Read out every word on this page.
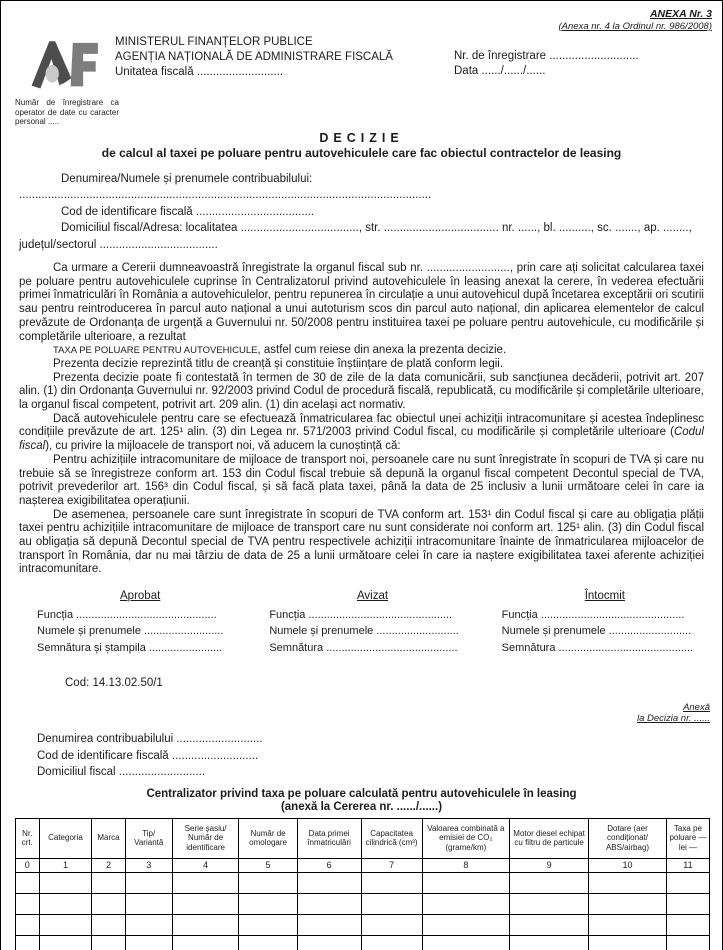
ANEXA Nr. 3
(Anexa nr. 4 la Ordinul nr. 986/2008)
Număr de înregistrare ca operator de date cu caracter personal .....
MINISTERUL FINANȚELOR PUBLICE
AGENȚIA NAȚIONALĂ DE ADMINISTRARE FISCALĂ
Unitatea fiscală ...........................
Nr. de înregistrare ............................
Data ....../....../......
DECIZIE
de calcul al taxei pe poluare pentru autovehiculele care fac obiectul contractelor de leasing
Denumirea/Numele și prenumele contribuabilului: .................................................................................................................................
Cod de identificare fiscală .....................................
Domiciliul fiscal/Adresa: localitatea ....................................., str. .................................... nr. ......, bl. .........., sc. ......., ap. ........, județul/sectorul .....................................

Ca urmare a Cererii dumneavoastră înregistrate la organul fiscal sub nr. .........................., prin care ați solicitat calcularea taxei pe poluare pentru autovehiculele cuprinse în Centralizatorul privind autovehiculele în leasing anexat la cerere, în vederea efectuării primei înmatriculări în România a autovehiculelor, pentru repunerea în circulație a unui autovehicul după încetarea exceptării ori scutirii sau pentru reintroducerea în parcul auto național a unui autoturism scos din parcul auto național, din aplicarea elementelor de calcul prevăzute de Ordonanța de urgență a Guvernului nr. 50/2008 pentru instituirea taxei pe poluare pentru autovehicule, cu modificările și completările ulterioare, a rezultat

TAXA PE POLUARE PENTRU AUTOVEHICULE, astfel cum reiese din anexa la prezenta decizie.

Prezenta decizie reprezintă titlu de creanță și constituie înștiințare de plată conform legii.

Prezenta decizie poate fi contestată în termen de 30 de zile de la data comunicării, sub sancțiunea decăderii, potrivit art. 207 alin. (1) din Ordonanța Guvernului nr. 92/2003 privind Codul de procedură fiscală, republicată, cu modificările și completările ulterioare, la organul fiscal competent, potrivit art. 209 alin. (1) din același act normativ.

Dacă autovehiculele pentru care se efectuează înmatricularea fac obiectul unei achiziții intracomunitare și acestea îndeplinesc condițiile prevăzute de art. 125¹ alin. (3) din Legea nr. 571/2003 privind Codul fiscal, cu modificările și completările ulterioare (Codul fiscal), cu privire la mijloacele de transport noi, vă aducem la cunoștință că:

Pentru achizițiile intracomunitare de mijloace de transport noi, persoanele care nu sunt înregistrate în scopuri de TVA și care nu trebuie să se înregistreze conform art. 153 din Codul fiscal trebuie să depună la organul fiscal competent Decontul special de TVA, potrivit prevederilor art. 156³ din Codul fiscal, și să facă plata taxei, până la data de 25 inclusiv a lunii următoare celei în care ia nașterea exigibilitatea operațiunii.

De asemenea, persoanele care sunt înregistrate în scopuri de TVA conform art. 153¹ din Codul fiscal și care au obligația plății taxei pentru achizițiile intracomunitare de mijloace de transport care nu sunt considerate noi conform art. 125¹ alin. (3) din Codul fiscal au obligația să depună Decontul special de TVA pentru respectivele achiziții intracomunitare înainte de înmatricularea mijloacelor de transport în România, dar nu mai târziu de data de 25 a lunii următoare celei în care ia naștere exigibilitatea taxei aferente achiziției intracomunitare.

Aprobat
Funcția ..............................................
Numele și prenumele ..........................
Semnătura și ștampila ........................
Avizat
Funcția ...............................................
Numele și prenumele ...........................
Semnătura ...........................................
Întocmit
Funcția ...............................................
Numele și prenumele ...........................
Semnătura ............................................
Cod: 14.13.02.50/1
Anexă
la Decizia nr. ......
Denumirea contribuabilului ...........................
Cod de identificare fiscală ...........................
Domiciliul fiscal ...........................
Centralizator privind taxa pe poluare calculată pentru autovehiculele în leasing
(anexă la Cererea nr. ....../......)
Nr. crt.	Categoria	Marca	Tip/ Variantă	Serie șasiu/ Număr de identificare	Număr de omologare	Data primei înmatriculări	Capacitatea cilindrică (cm³)	Valoarea combinată a emisiei de CO₂ (grame/km)	Motor diesel echipat cu filtru de particule	Dotare (aer condiționat/ ABS/airbag)	Taxa pe poluare — lei —
0	1	2	3	4	5	6	7	8	9	10	11
